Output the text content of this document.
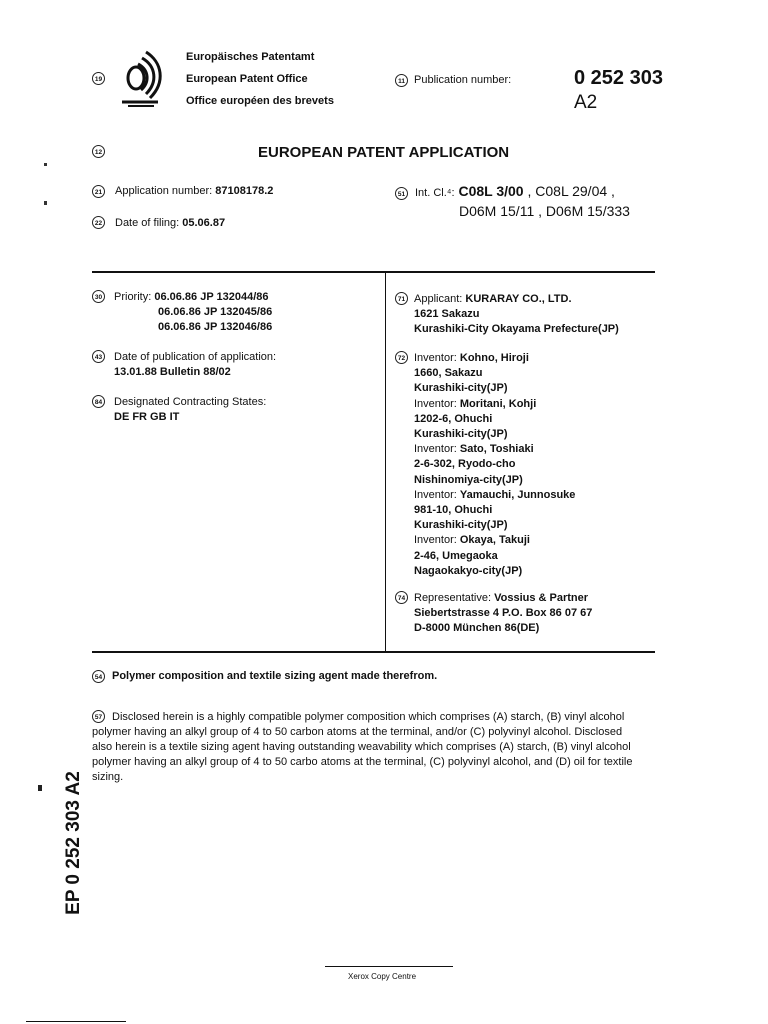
19
Europäisches Patentamt
European Patent Office
Office européen des brevets
11 Publication number:	0 252 303
A2
12	EUROPEAN PATENT APPLICATION
21 Application number: 87108178.2
22 Date of filing: 05.06.87
51 Int. Cl.⁴: C08L 3/00 , C08L 29/04 ,
D06M 15/11 , D06M 15/333
30 Priority: 06.06.86 JP 132044/86
06.06.86 JP 132045/86
06.06.86 JP 132046/86
43 Date of publication of application:
13.01.88 Bulletin 88/02
84 Designated Contracting States:
DE FR GB IT
71 Applicant: KURARAY CO., LTD.
1621 Sakazu
Kurashiki-City Okayama Prefecture(JP)
72 Inventor: Kohno, Hiroji
1660, Sakazu
Kurashiki-city(JP)
Inventor: Moritani, Kohji
1202-6, Ohuchi
Kurashiki-city(JP)
Inventor: Sato, Toshiaki
2-6-302, Ryodo-cho
Nishinomiya-city(JP)
Inventor: Yamauchi, Junnosuke
981-10, Ohuchi
Kurashiki-city(JP)
Inventor: Okaya, Takuji
2-46, Umegaoka
Nagaokakyo-city(JP)
74 Representative: Vossius & Partner
Siebertstrasse 4 P.O. Box 86 07 67
D-8000 München 86(DE)
54 Polymer composition and textile sizing agent made therefrom.
57 Disclosed herein is a highly compatible polymer composition which comprises (A) starch, (B) vinyl alcohol
polymer having an alkyl group of 4 to 50 carbon atoms at the terminal, and/or (C) polyvinyl alcohol. Disclosed
also herein is a textile sizing agent having outstanding weavability which comprises (A) starch, (B) vinyl alcohol
polymer having an alkyl group of 4 to 50 carbo atoms at the terminal, (C) polyvinyl alcohol, and (D) oil for textile
sizing.
EP 0 252 303 A2
Xerox Copy Centre
